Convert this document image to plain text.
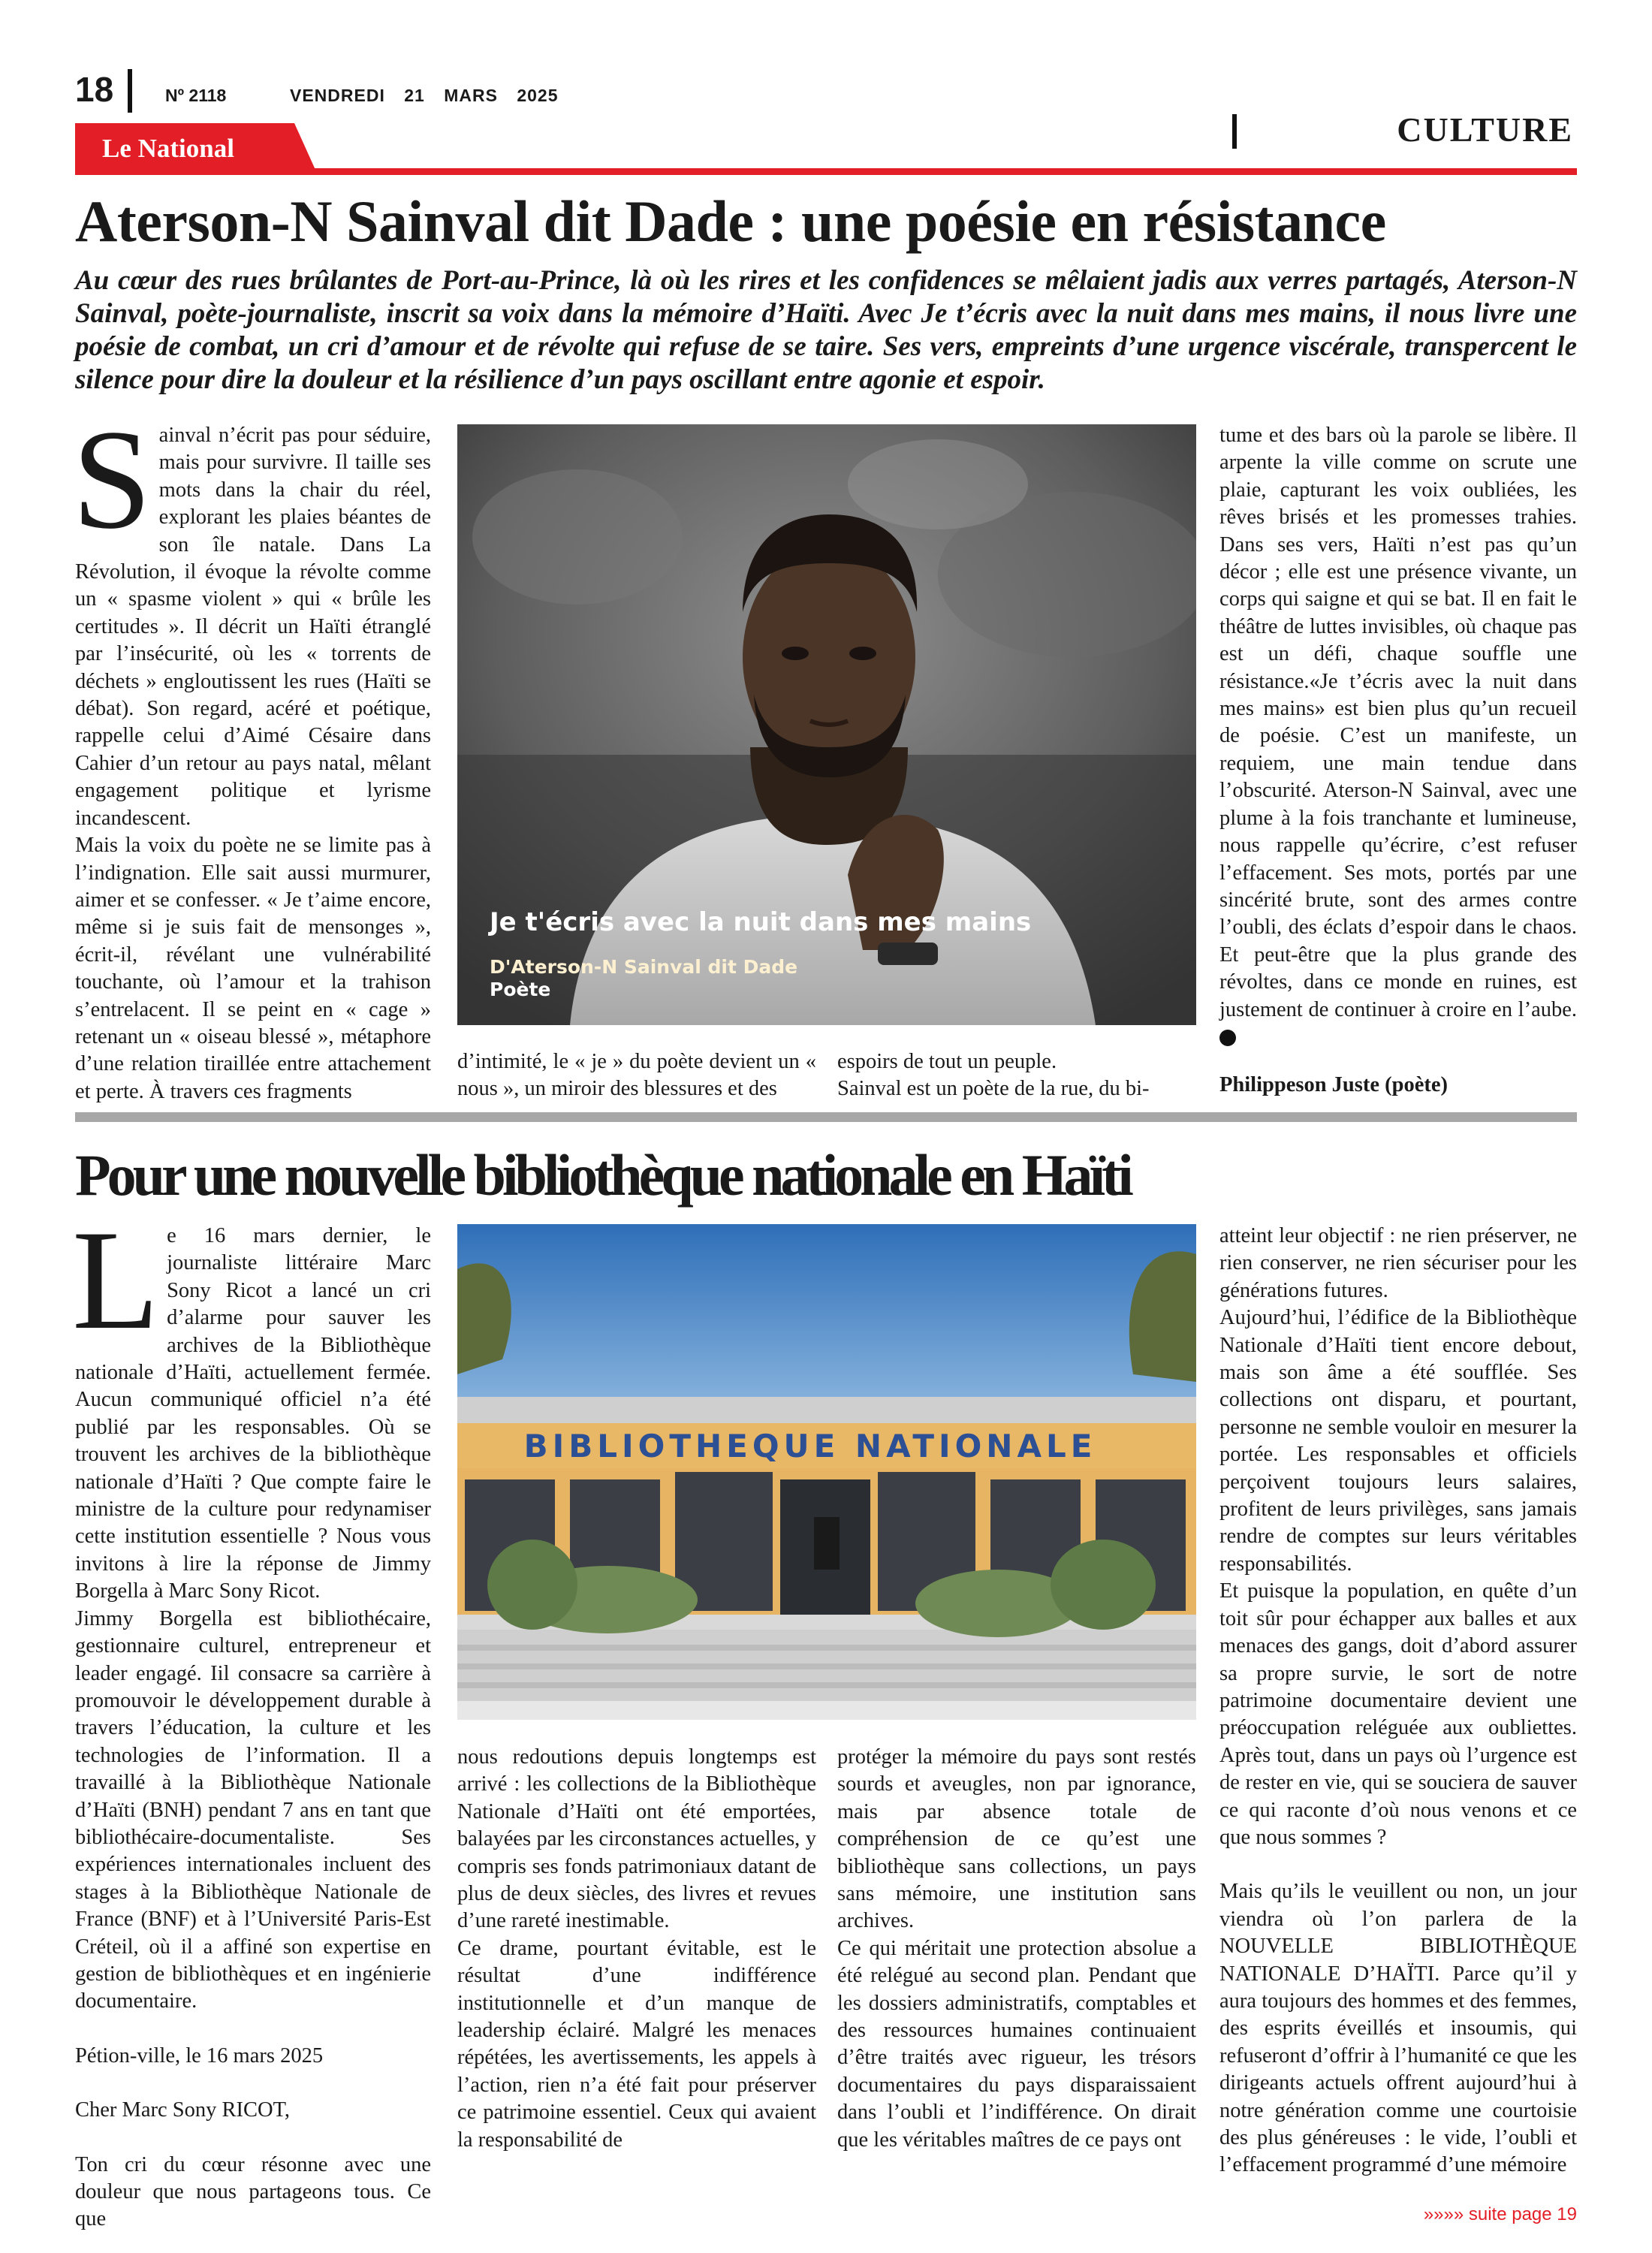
18	Nº 2118	VENDREDI 21 MARS 2025
CULTURE
Le National
Aterson-N Sainval dit Dade : une poésie en résistance
Au cœur des rues brûlantes de Port-au-Prince, là où les rires et les confidences se mêlaient jadis aux verres partagés, Aterson-N Sainval, poète-journaliste, inscrit sa voix dans la mémoire d’Haïti. Avec Je t’écris avec la nuit dans mes mains, il nous livre une poésie de combat, un cri d’amour et de révolte qui refuse de se taire. Ses vers, empreints d’une urgence viscérale, transpercent le silence pour dire la douleur et la résilience d’un pays oscillant entre agonie et espoir.

Sainval n’écrit pas pour séduire, mais pour survivre. Il taille ses mots dans la chair du réel, explorant les plaies béantes de son île natale. Dans La Révolution, il évoque la révolte comme un « spasme violent » qui « brûle les certitudes ». Il décrit un Haïti étranglé par l’insécurité, où les « torrents de déchets » engloutissent les rues (Haïti se débat). Son regard, acéré et poétique, rappelle celui d’Aimé Césaire dans Cahier d’un retour au pays natal, mêlant engagement politique et lyrisme incandescent.

Mais la voix du poète ne se limite pas à l’indignation. Elle sait aussi murmurer, aimer et se confesser. « Je t’aime encore, même si je suis fait de mensonges », écrit-il, révélant une vulnérabilité touchante, où l’amour et la trahison s’entrelacent. Il se peint en « cage » retenant un « oiseau blessé », métaphore d’une relation tiraillée entre attachement et perte. À travers ces fragments

Je t'écris avec la nuit dans mes mains
D'Aterson-N Sainval dit Dade
Poète

d’intimité, le « je » du poète devient un « nous », un miroir des blessures et des

espoirs de tout un peuple.

Sainval est un poète de la rue, du bi-

tume et des bars où la parole se libère. Il arpente la ville comme on scrute une plaie, capturant les voix oubliées, les rêves brisés et les promesses trahies. Dans ses vers, Haïti n’est pas qu’un décor ; elle est une présence vivante, un corps qui saigne et qui se bat. Il en fait le théâtre de luttes invisibles, où chaque pas est un défi, chaque souffle une résistance.«Je t’écris avec la nuit dans mes mains» est bien plus qu’un recueil de poésie. C’est un manifeste, un requiem, une main tendue dans l’obscurité. Aterson-N Sainval, avec une plume à la fois tranchante et lumineuse, nous rappelle qu’écrire, c’est refuser l’effacement. Ses mots, portés par une sincérité brute, sont des armes contre l’oubli, des éclats d’espoir dans le chaos. Et peut-être que la plus grande des révoltes, dans ce monde en ruines, est justement de continuer à croire en l’aube.

Philippeson Juste (poète)

Pour une nouvelle bibliothèque nationale en Haïti

Le 16 mars dernier, le journaliste littéraire Marc Sony Ricot a lancé un cri d’alarme pour sauver les archives de la Bibliothèque nationale d’Haïti, actuellement fermée. Aucun communiqué officiel n’a été publié par les responsables. Où se trouvent les archives de la bibliothèque nationale d’Haïti ? Que compte faire le ministre de la culture pour redynamiser cette institution essentielle ? Nous vous invitons à lire la réponse de Jimmy Borgella à Marc Sony Ricot.

Jimmy Borgella est bibliothécaire, gestionnaire culturel, entrepreneur et leader engagé. Iil consacre sa carrière à promouvoir le développement durable à travers l’éducation, la culture et les technologies de l’information. Il a travaillé à la Bibliothèque Nationale d’Haïti (BNH) pendant 7 ans en tant que bibliothécaire-documentaliste. Ses expériences internationales incluent des stages à la Bibliothèque Nationale de France (BNF) et à l’Université Paris-Est Créteil, où il a affiné son expertise en gestion de bibliothèques et en ingénierie documentaire.

Pétion-ville, le 16 mars 2025

Cher Marc Sony RICOT,

Ton cri du cœur résonne avec une douleur que nous partageons tous. Ce que

BIBLIOTHEQUE NATIONALE

nous redoutions depuis longtemps est arrivé : les collections de la Bibliothèque Nationale d’Haïti ont été emportées, balayées par les circonstances actuelles, y compris ses fonds patrimoniaux datant de plus de deux siècles, des livres et revues d’une rareté inestimable.

Ce drame, pourtant évitable, est le résultat d’une indifférence institutionnelle et d’un manque de leadership éclairé. Malgré les menaces répétées, les avertissements, les appels à l’action, rien n’a été fait pour préserver ce patrimoine essentiel. Ceux qui avaient la responsabilité de

protéger la mémoire du pays sont restés sourds et aveugles, non par ignorance, mais par absence totale de compréhension de ce qu’est une bibliothèque sans collections, un pays sans mémoire, une institution sans archives.

Ce qui méritait une protection absolue a été relégué au second plan. Pendant que les dossiers administratifs, comptables et des ressources humaines continuaient d’être traités avec rigueur, les trésors documentaires du pays disparaissaient dans l’oubli et l’indifférence. On dirait que les véritables maîtres de ce pays ont

atteint leur objectif : ne rien préserver, ne rien conserver, ne rien sécuriser pour les générations futures.

Aujourd’hui, l’édifice de la Bibliothèque Nationale d’Haïti tient encore debout, mais son âme a été soufflée. Ses collections ont disparu, et pourtant, personne ne semble vouloir en mesurer la portée. Les responsables et officiels perçoivent toujours leurs salaires, profitent de leurs privilèges, sans jamais rendre de comptes sur leurs véritables responsabilités.

Et puisque la population, en quête d’un toit sûr pour échapper aux balles et aux menaces des gangs, doit d’abord assurer sa propre survie, le sort de notre patrimoine documentaire devient une préoccupation reléguée aux oubliettes. Après tout, dans un pays où l’urgence est de rester en vie, qui se souciera de sauver ce qui raconte d’où nous venons et ce que nous sommes ?

Mais qu’ils le veuillent ou non, un jour viendra où l’on parlera de la NOUVELLE BIBLIOTHÈQUE NATIONALE D’HAÏTI. Parce qu’il y aura toujours des hommes et des femmes, des esprits éveillés et insoumis, qui refuseront d’offrir à l’humanité ce que les dirigeants actuels offrent aujourd’hui à notre génération comme une courtoisie des plus généreuses : le vide, l’oubli et l’effacement programmé d’une mémoire

»»»» suite page 19
